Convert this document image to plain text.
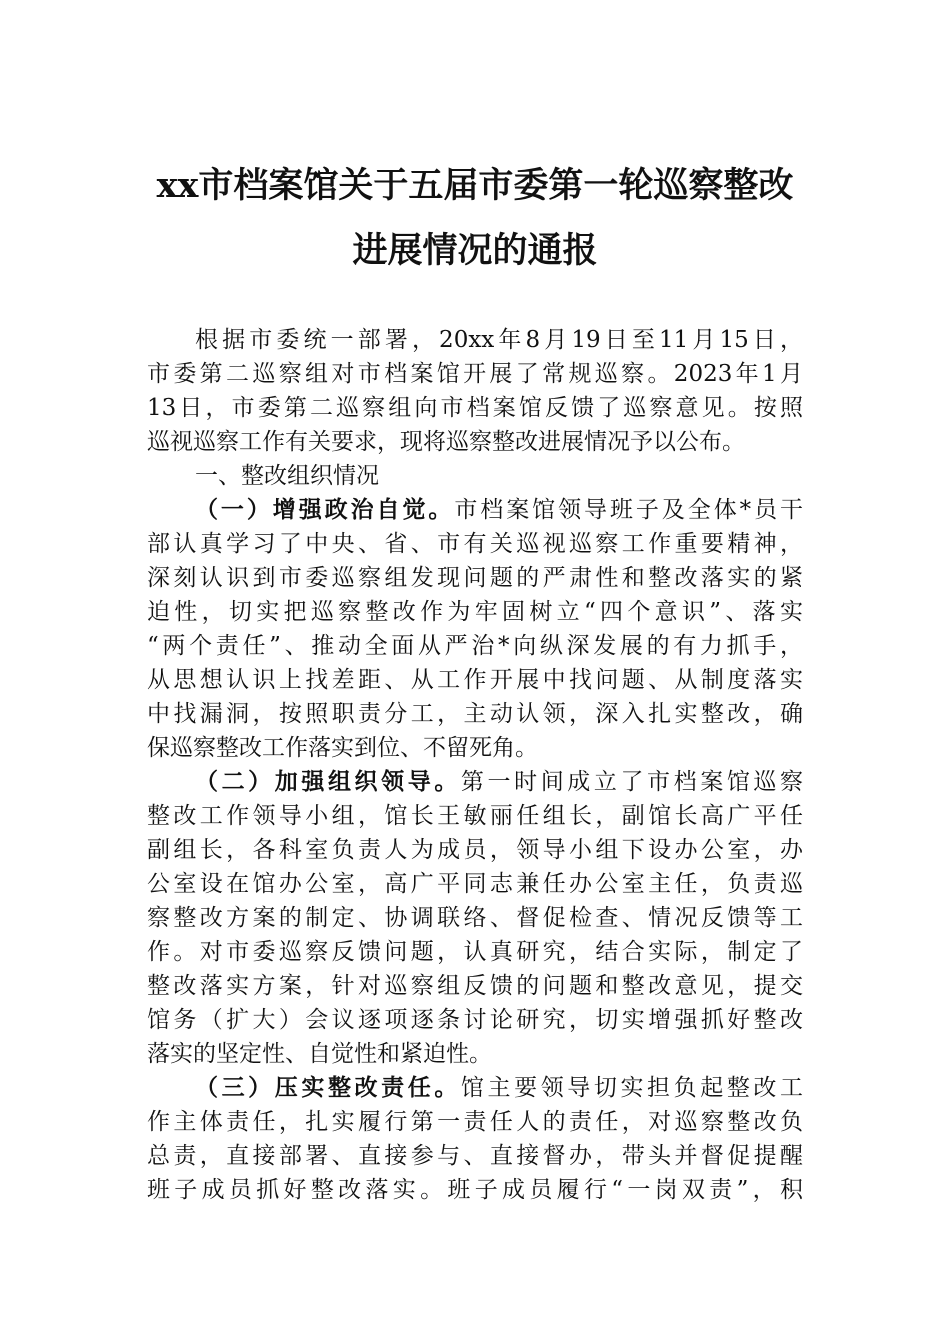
xx市档案馆关于五届市委第一轮巡察整改
进展情况的通报
根据市委统一部署，20xx年8月19日至11月15日，
市委第二巡察组对市档案馆开展了常规巡察。2023年1月
13日，市委第二巡察组向市档案馆反馈了巡察意见。按照
巡视巡察工作有关要求，现将巡察整改进展情况予以公布。
一、整改组织情况
（一）增强政治自觉。市档案馆领导班子及全体*员干
部认真学习了中央、省、市有关巡视巡察工作重要精神，
深刻认识到市委巡察组发现问题的严肃性和整改落实的紧
迫性，切实把巡察整改作为牢固树立“四个意识”、落实
“两个责任”、推动全面从严治*向纵深发展的有力抓手，
从思想认识上找差距、从工作开展中找问题、从制度落实
中找漏洞，按照职责分工，主动认领，深入扎实整改，确
保巡察整改工作落实到位、不留死角。
（二）加强组织领导。第一时间成立了市档案馆巡察
整改工作领导小组，馆长王敏丽任组长，副馆长高广平任
副组长，各科室负责人为成员，领导小组下设办公室，办
公室设在馆办公室，高广平同志兼任办公室主任，负责巡
察整改方案的制定、协调联络、督促检查、情况反馈等工
作。对市委巡察反馈问题，认真研究，结合实际，制定了
整改落实方案，针对巡察组反馈的问题和整改意见，提交
馆务（扩大）会议逐项逐条讨论研究，切实增强抓好整改
落实的坚定性、自觉性和紧迫性。
（三）压实整改责任。馆主要领导切实担负起整改工
作主体责任，扎实履行第一责任人的责任，对巡察整改负
总责，直接部署、直接参与、直接督办，带头并督促提醒
班子成员抓好整改落实。班子成员履行“一岗双责”，积
